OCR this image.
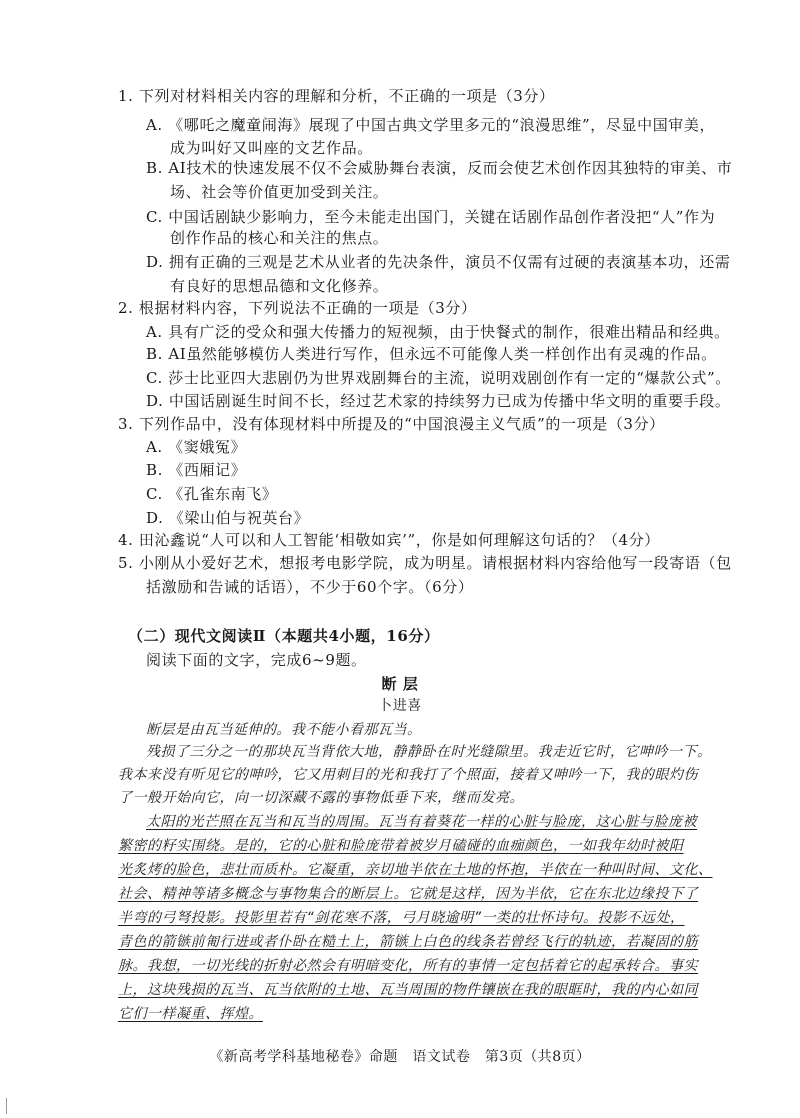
1. 下列对材料相关内容的理解和分析，不正确的一项是（3分）
A. 《哪吒之魔童闹海》展现了中国古典文学里多元的“浪漫思维”，尽显中国审美，
成为叫好又叫座的文艺作品。
B. AI技术的快速发展不仅不会威胁舞台表演，反而会使艺术创作因其独特的审美、市
场、社会等价值更加受到关注。
C. 中国话剧缺少影响力，至今未能走出国门，关键在话剧作品创作者没把“人”作为
创作作品的核心和关注的焦点。
D. 拥有正确的三观是艺术从业者的先决条件，演员不仅需有过硬的表演基本功，还需
有良好的思想品德和文化修养。
2. 根据材料内容，下列说法不正确的一项是（3分）
A. 具有广泛的受众和强大传播力的短视频，由于快餐式的制作，很难出精品和经典。
B. AI虽然能够模仿人类进行写作，但永远不可能像人类一样创作出有灵魂的作品。
C. 莎士比亚四大悲剧仍为世界戏剧舞台的主流，说明戏剧创作有一定的“爆款公式”。
D. 中国话剧诞生时间不长，经过艺术家的持续努力已成为传播中华文明的重要手段。
3. 下列作品中，没有体现材料中所提及的“中国浪漫主义气质”的一项是（3分）
A. 《窦娥冤》
B. 《西厢记》
C. 《孔雀东南飞》
D. 《梁山伯与祝英台》
4. 田沁鑫说“人可以和人工智能‘相敬如宾’”，你是如何理解这句话的？（4分）
5. 小刚从小爱好艺术，想报考电影学院，成为明星。请根据材料内容给他写一段寄语（包
括激励和告诫的话语），不少于60个字。（6分）
（二）现代文阅读Ⅱ（本题共4小题，16分）
阅读下面的文字，完成6~9题。
断 层
卜进喜
断层是由瓦当延伸的。我不能小看那瓦当。
残损了三分之一的那块瓦当背依大地，静静卧在时光缝隙里。我走近它时，它呻吟一下。
我本来没有听见它的呻吟，它又用刺目的光和我打了个照面，接着又呻吟一下，我的眼灼伤
了一般开始向它，向一切深藏不露的事物低垂下来，继而发亮。
太阳的光芒照在瓦当和瓦当的周围。瓦当有着葵花一样的心脏与脸庞，这心脏与脸庞被
繁密的籽实围绕。是的，它的心脏和脸庞带着被岁月磕碰的血痂颜色，一如我年幼时被阳
光炙烤的脸色，悲壮而质朴。它凝重，亲切地半依在土地的怀抱，半依在一种叫时间、文化、
社会、精神等诸多概念与事物集合的断层上。它就是这样，因为半依，它在东北边缘投下了
半弯的弓弩投影。投影里若有“剑花寒不落，弓月晓逾明”一类的壮怀诗句。投影不远处，
青色的箭镞前匍行进或者仆卧在糙土上，箭镞上白色的线条若曾经飞行的轨迹，若凝固的筋
脉。我想，一切光线的折射必然会有明暗变化，所有的事情一定包括着它的起承转合。事实
上，这块残损的瓦当、瓦当依附的土地、瓦当周围的物件镶嵌在我的眼眶时，我的内心如同
它们一样凝重、挥煌。
《新高考学科基地秘卷》命题　语文试卷　第3页（共8页）
